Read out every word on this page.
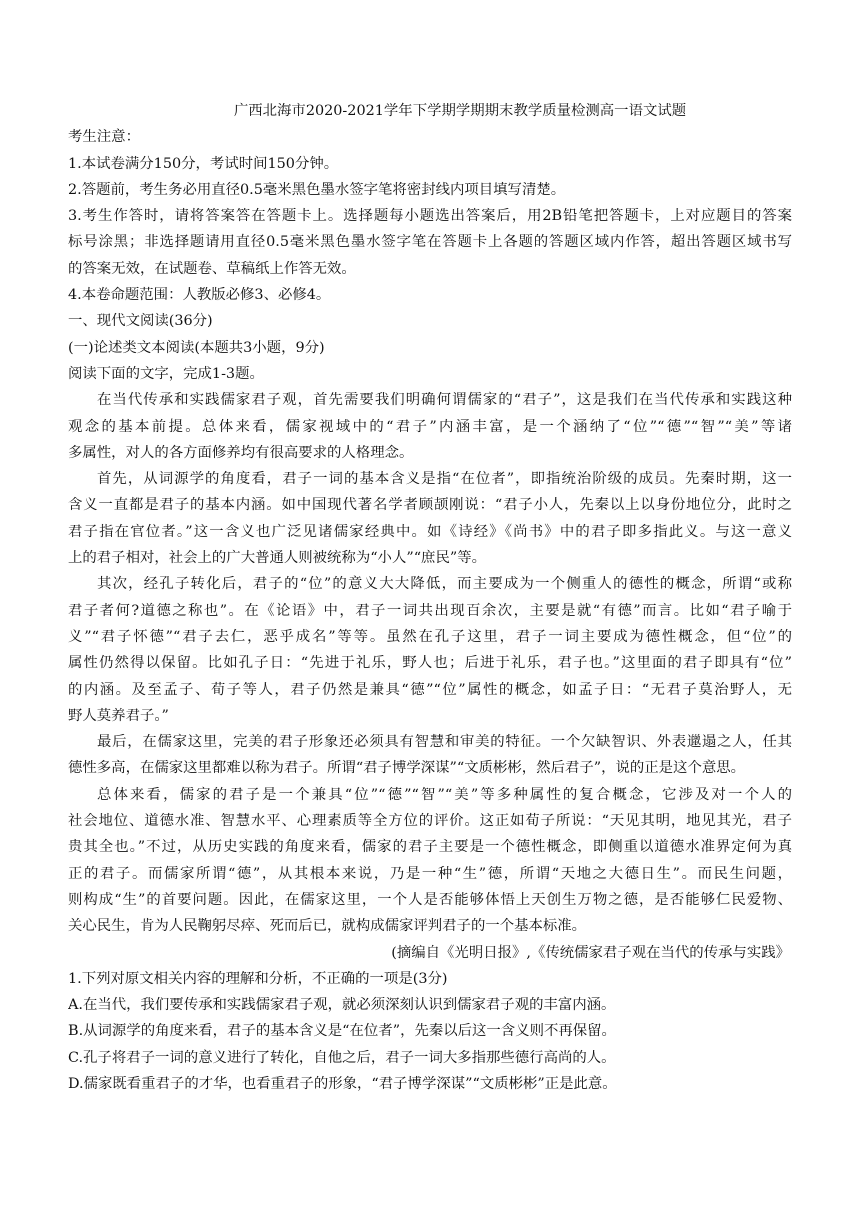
广西北海市2020-2021学年下学期学期期末教学质量检测高一语文试题
考生注意：
1.本试卷满分150分，考试时间150分钟。
2.答题前，考生务必用直径0.5毫米黑色墨水签字笔将密封线内项目填写清楚。
3.考生作答时，请将答案答在答题卡上。选择题每小题选出答案后，用2B铅笔把答题卡，上对应题目的答案
标号涂黑；非选择题请用直径0.5毫米黑色墨水签字笔在答题卡上各题的答题区域内作答，超出答题区域书写
的答案无效，在试题卷、草稿纸上作答无效。
4.本卷命题范围：人教版必修3、必修4。
一、现代文阅读(36分)
(一)论述类文本阅读(本题共3小题，9分)
阅读下面的文字，完成1-3题。
在当代传承和实践儒家君子观，首先需要我们明确何谓儒家的“君子”，这是我们在当代传承和实践这种
观念的基本前提。总体来看，儒家视域中的“君子”内涵丰富，是一个涵纳了“位”“德”“智”“美”等诸
多属性，对人的各方面修养均有很高要求的人格理念。
首先，从词源学的角度看，君子一词的基本含义是指“在位者”，即指统治阶级的成员。先秦时期，这一
含义一直都是君子的基本内涵。如中国现代著名学者顾颉刚说：“君子小人，先秦以上以身份地位分，此时之
君子指在官位者。”这一含义也广泛见诸儒家经典中。如《诗经》《尚书》中的君子即多指此义。与这一意义
上的君子相对，社会上的广大普通人则被统称为“小人”“庶民”等。
其次，经孔子转化后，君子的“位”的意义大大降低，而主要成为一个侧重人的德性的概念，所谓“或称
君子者何?道德之称也”。在《论语》中，君子一词共出现百余次，主要是就“有德”而言。比如“君子喻于
义”“君子怀德”“君子去仁，恶乎成名”等等。虽然在孔子这里，君子一词主要成为德性概念，但“位”的
属性仍然得以保留。比如孔子日：“先进于礼乐，野人也；后进于礼乐，君子也。”这里面的君子即具有“位”
的内涵。及至孟子、荀子等人，君子仍然是兼具“德”“位”属性的概念，如孟子日：“无君子莫治野人，无
野人莫养君子。”
最后，在儒家这里，完美的君子形象还必须具有智慧和审美的特征。一个欠缺智识、外表邋遢之人，任其
德性多高，在儒家这里都难以称为君子。所谓“君子博学深谋”“文质彬彬，然后君子”，说的正是这个意思。
总体来看，儒家的君子是一个兼具“位”“德”“智”“美”等多种属性的复合概念，它涉及对一个人的
社会地位、道德水准、智慧水平、心理素质等全方位的评价。这正如荀子所说：“天见其明，地见其光，君子
贵其全也。”不过，从历史实践的角度来看，儒家的君子主要是一个德性概念，即侧重以道德水准界定何为真
正的君子。而儒家所谓“德”，从其根本来说，乃是一种“生”德，所谓“天地之大德日生”。而民生问题，
则构成“生”的首要问题。因此，在儒家这里，一个人是否能够体悟上天创生万物之德，是否能够仁民爱物、
关心民生，肯为人民鞠躬尽瘁、死而后已，就构成儒家评判君子的一个基本标准。
(摘编自《光明日报》,《传统儒家君子观在当代的传承与实践》
1.下列对原文相关内容的理解和分析，不正确的一项是(3分)
A.在当代，我们要传承和实践儒家君子观，就必须深刻认识到儒家君子观的丰富内涵。
B.从词源学的角度来看，君子的基本含义是“在位者”，先秦以后这一含义则不再保留。
C.孔子将君子一词的意义进行了转化，自他之后，君子一词大多指那些德行高尚的人。
D.儒家既看重君子的才华，也看重君子的形象，“君子博学深谋”“文质彬彬”正是此意。
